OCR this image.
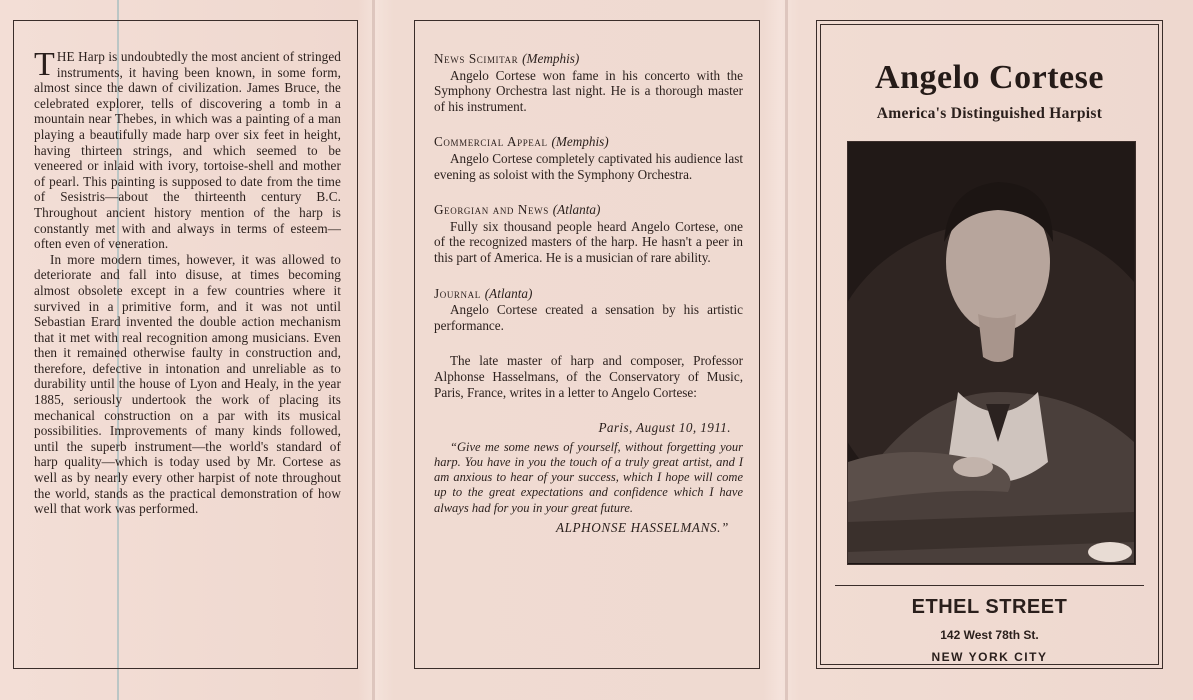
THE Harp is undoubtedly the most ancient of stringed instruments, it having been known, in some form, almost since the dawn of civilization. James Bruce, the celebrated explorer, tells of discovering a tomb in a mountain near Thebes, in which was a painting of a man playing a beautifully made harp over six feet in height, having thirteen strings, and which seemed to be veneered or inlaid with ivory, tortoise-shell and mother of pearl. This painting is supposed to date from the time of Sesistris—about the thirteenth century B.C. Throughout ancient history mention of the harp is constantly met with and always in terms of esteem—often even of veneration.

In more modern times, however, it was allowed to deteriorate and fall into disuse, at times becoming almost obsolete except in a few countries where it survived in a primitive form, and it was not until Sebastian Erard invented the double action mechanism that it met with real recognition among musicians. Even then it remained otherwise faulty in construction and, therefore, defective in intonation and unreliable as to durability until the house of Lyon and Healy, in the year 1885, seriously undertook the work of placing its mechanical construction on a par with its musical possibilities. Improvements of many kinds followed, until the superb instrument—the world's standard of harp quality—which is today used by Mr. Cortese as well as by nearly every other harpist of note throughout the world, stands as the practical demonstration of how well that work was performed.

News Scimitar (Memphis)

Angelo Cortese won fame in his concerto with the Symphony Orchestra last night. He is a thorough master of his instrument.

Commercial Appeal (Memphis)

Angelo Cortese completely captivated his audience last evening as soloist with the Symphony Orchestra.

Georgian and News (Atlanta)

Fully six thousand people heard Angelo Cortese, one of the recognized masters of the harp. He hasn't a peer in this part of America. He is a musician of rare ability.

Journal (Atlanta)

Angelo Cortese created a sensation by his artistic performance.

The late master of harp and composer, Professor Alphonse Hasselmans, of the Conservatory of Music, Paris, France, writes in a letter to Angelo Cortese:

Paris, August 10, 1911.

“Give me some news of yourself, without forgetting your harp. You have in you the touch of a truly great artist, and I am anxious to hear of your success, which I hope will come up to the great expectations and confidence which I have always had for you in your great future.

ALPHONSE HASSELMANS.”

Angelo Cortese
America's Distinguished Harpist
ETHEL STREET
142 West 78th St.
NEW YORK CITY
